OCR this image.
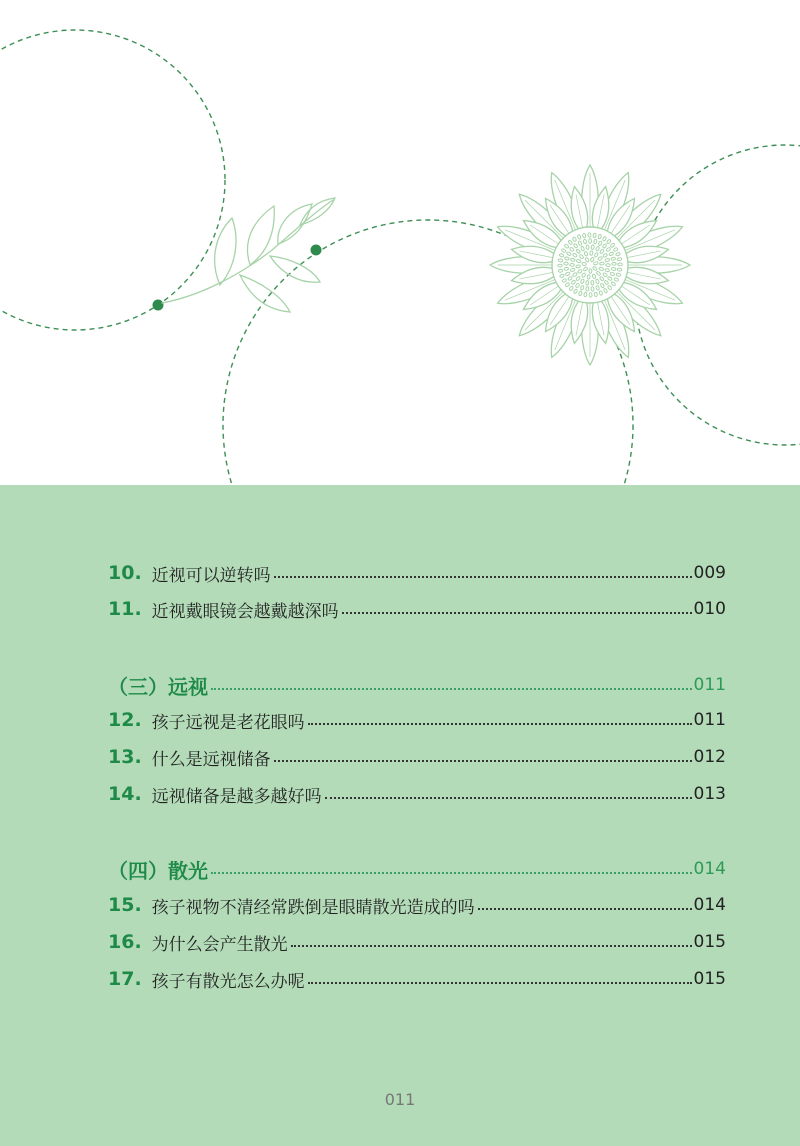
10. 近视可以逆转吗	009
11. 近视戴眼镜会越戴越深吗	010
（三）远视	011
12. 孩子远视是老花眼吗	011
13. 什么是远视储备	012
14. 远视储备是越多越好吗	013
（四）散光	014
15. 孩子视物不清经常跌倒是眼睛散光造成的吗	014
16. 为什么会产生散光	015
17. 孩子有散光怎么办呢	015
011
